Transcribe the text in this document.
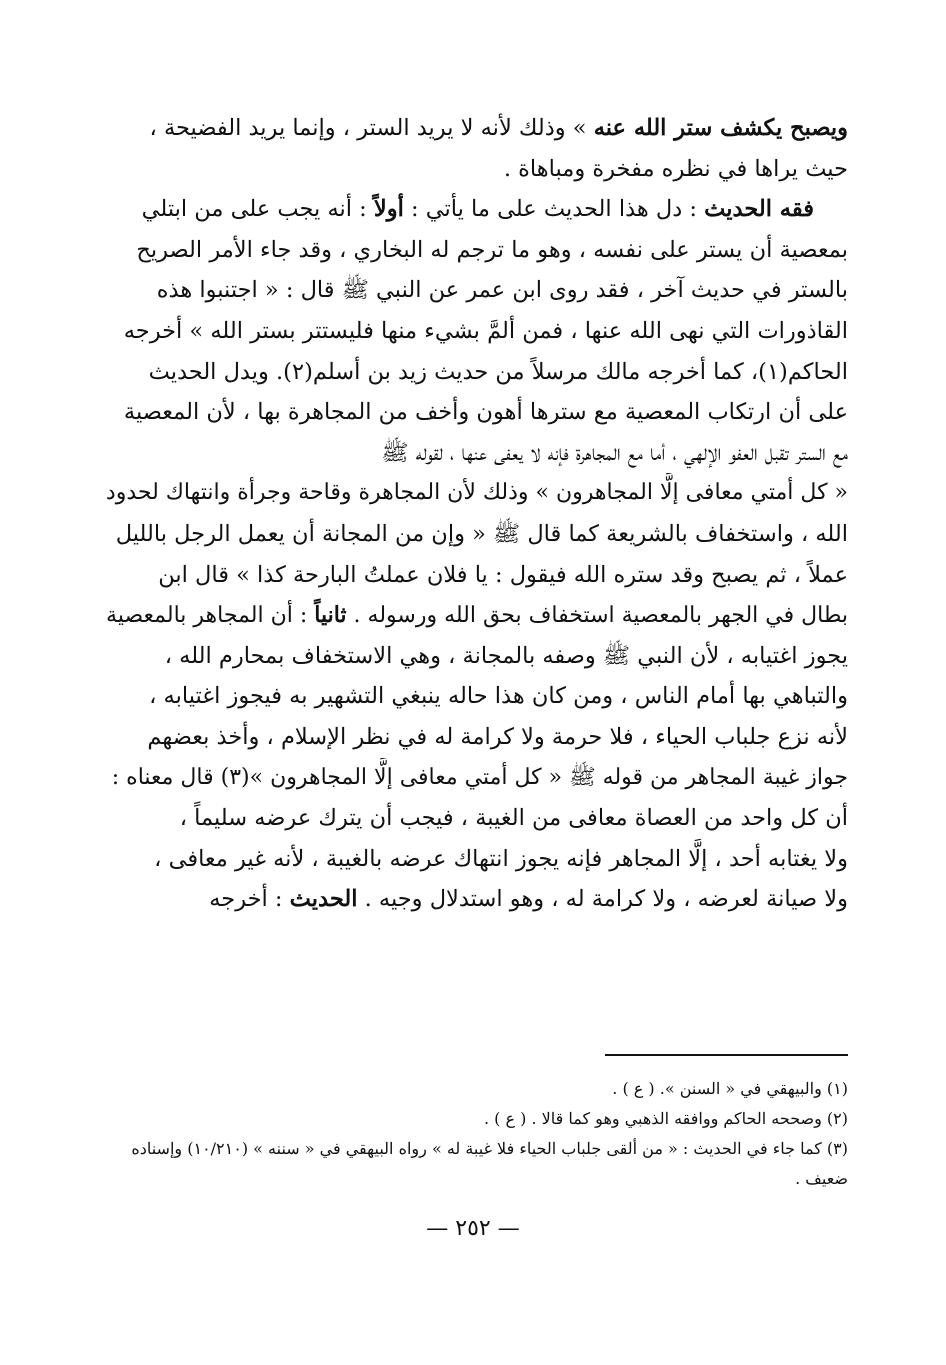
ويصبح يكشف ستر الله عنه » وذلك لأنه لا يريد الستر ، وإنما يريد الفضيحة ،
حيث يراها في نظره مفخرة ومباهاة .
فقه الحديث : دل هذا الحديث على ما يأتي : أولاً : أنه يجب على من ابتلي
بمعصية أن يستر على نفسه ، وهو ما ترجم له البخاري ، وقد جاء الأمر الصريح
بالستر في حديث آخر ، فقد روى ابن عمر عن النبي ﷺ قال : « اجتنبوا هذه
القاذورات التي نهى الله عنها ، فمن ألمَّ بشيء منها فليستتر بستر الله » أخرجه
الحاكم(١)، كما أخرجه مالك مرسلاً من حديث زيد بن أسلم(٢). ويدل الحديث
على أن ارتكاب المعصية مع سترها أهون وأخف من المجاهرة بها ، لأن المعصية
مع الستر تقبل العفو الإلهي ، أما مع المجاهرة فإنه لا يعفى عنها ، لقوله ﷺ
« كل أمتي معافى إلَّا المجاهرون » وذلك لأن المجاهرة وقاحة وجرأة وانتهاك لحدود
الله ، واستخفاف بالشريعة كما قال ﷺ « وإن من المجانة أن يعمل الرجل بالليل
عملاً ، ثم يصبح وقد ستره الله فيقول : يا فلان عملتُ البارحة كذا » قال ابن
بطال في الجهر بالمعصية استخفاف بحق الله ورسوله . ثانياً : أن المجاهر بالمعصية
يجوز اغتيابه ، لأن النبي ﷺ وصفه بالمجانة ، وهي الاستخفاف بمحارم الله ،
والتباهي بها أمام الناس ، ومن كان هذا حاله ينبغي التشهير به فيجوز اغتيابه ،
لأنه نزع جلباب الحياء ، فلا حرمة ولا كرامة له في نظر الإسلام ، وأخذ بعضهم
جواز غيبة المجاهر من قوله ﷺ « كل أمتي معافى إلَّا المجاهرون »(٣) قال معناه :
أن كل واحد من العصاة معافى من الغيبة ، فيجب أن يترك عرضه سليماً ،
ولا يغتابه أحد ، إلَّا المجاهر فإنه يجوز انتهاك عرضه بالغيبة ، لأنه غير معافى ،
ولا صيانة لعرضه ، ولا كرامة له ، وهو استدلال وجيه . الحديث : أخرجه
(١) والبيهقي في « السنن ». ( ع ) .
(٢) وصححه الحاكم ووافقه الذهبي وهو كما قالا . ( ع ) .
(٣) كما جاء في الحديث : « من ألقى جلباب الحياء فلا غيبة له » رواه البيهقي في « سننه » (١٠/٢١٠) وإسناده
ضعيف .
— ٢٥٢ —
